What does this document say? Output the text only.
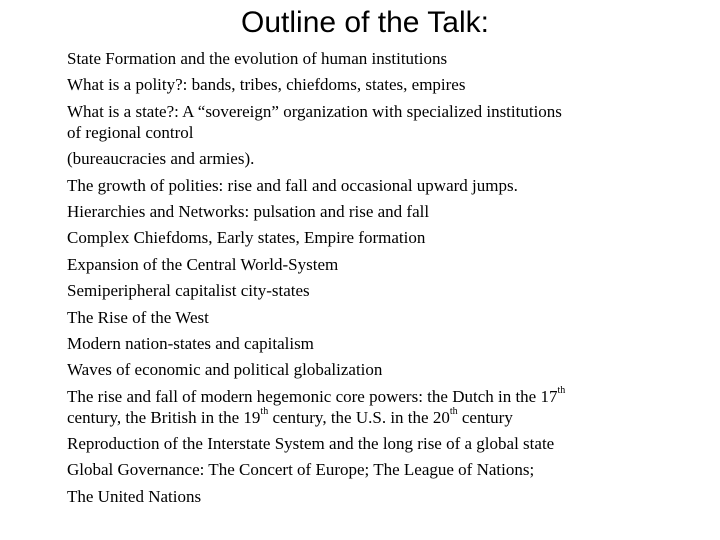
Outline of the Talk:
State Formation and the evolution of human institutions
What is a polity?: bands, tribes, chiefdoms, states, empires
What is a state?: A “sovereign” organization with specialized institutions
of regional control
(bureaucracies and armies).
The growth of polities: rise and fall and occasional upward jumps.
Hierarchies and Networks: pulsation and rise and fall
Complex Chiefdoms, Early states, Empire formation
Expansion of the Central World-System
Semiperipheral capitalist city-states
The Rise of the West
Modern nation-states and capitalism
Waves of economic and political globalization
The rise and fall of modern hegemonic core powers: the Dutch in the 17th
century, the British in the 19th century, the U.S. in the 20th century
Reproduction of the Interstate System and the long rise of a global state
Global Governance: The Concert of Europe; The League of Nations;
The United Nations
